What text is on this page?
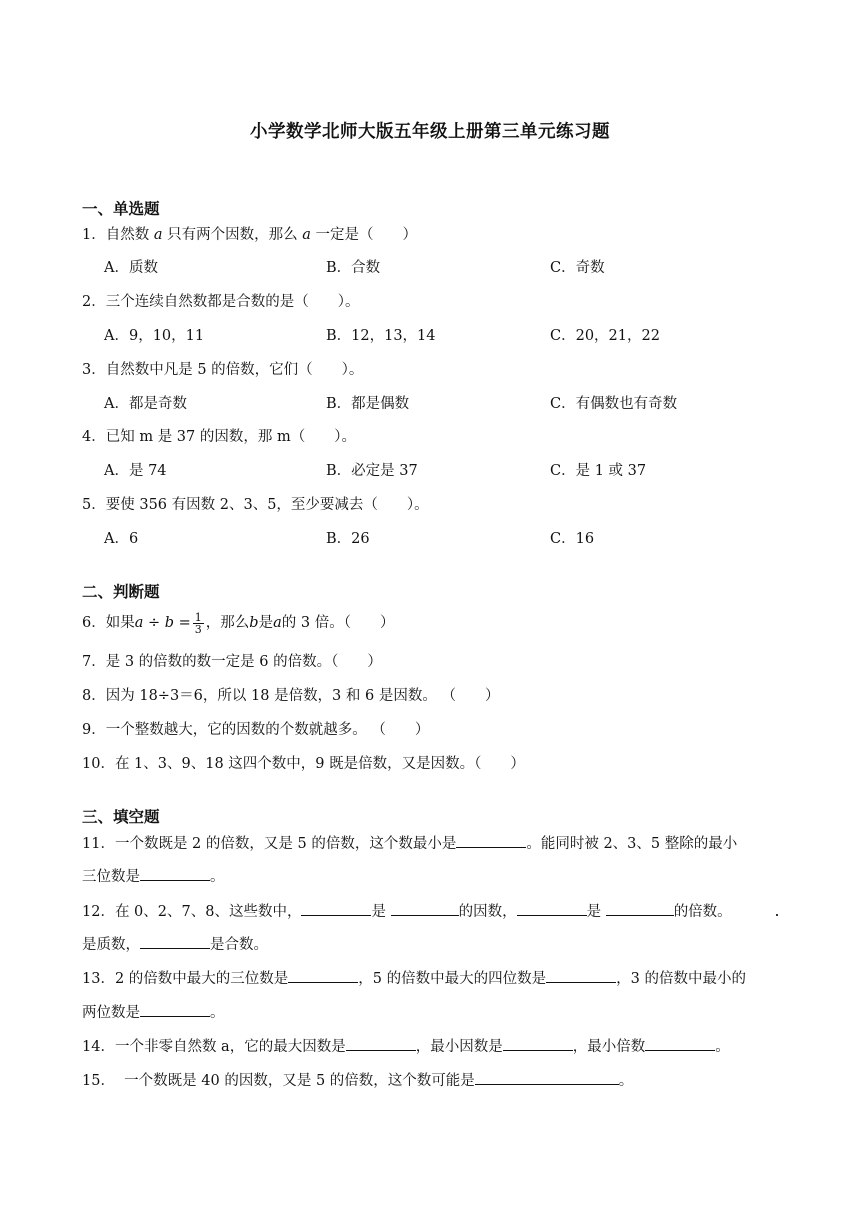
小学数学北师大版五年级上册第三单元练习题
一、单选题
1．自然数 a 只有两个因数，那么 a 一定是（　　）
A．质数	B．合数	C．奇数
2．三个连续自然数都是合数的是（　　）。
A．9，10，11	B．12，13，14	C．20，21，22
3．自然数中凡是 5 的倍数，它们（　　）。
A．都是奇数	B．都是偶数	C．有偶数也有奇数
4．已知 m 是 37 的因数，那 m（　　）。
A．是 74	B．必定是 37	C．是 1 或 37
5．要使 356 有因数 2、3、5，至少要减去（　　）。
A．6	B．26	C．16
二、判断题
6．如果$a \div b = \frac{1}{3}$ ，那么b是a的 3 倍。（　　）
7．是 3 的倍数的数一定是 6 的倍数。（　　）
8．因为 18÷3＝6，所以 18 是倍数，3 和 6 是因数。 （　　）
9．一个整数越大，它的因数的个数就越多。 （　　）
10．在 1、3、9、18 这四个数中，9 既是倍数，又是因数。（　　）
三、填空题
11．一个数既是 2 的倍数，又是 5 的倍数，这个数最小是	。能同时被 2、3、5 整除的最小
三位数是	。
12．在 0、2、7、8、这些数中，	是	的因数，	是	的倍数。
是质数，	是合数。
13．2 的倍数中最大的三位数是	，5 的倍数中最大的四位数是	，3 的倍数中最小的
两位数是	。
14．一个非零自然数 a，它的最大因数是	，最小因数是	，最小倍数	。
15． 一个数既是 40 的因数，又是 5 的倍数，这个数可能是	。
